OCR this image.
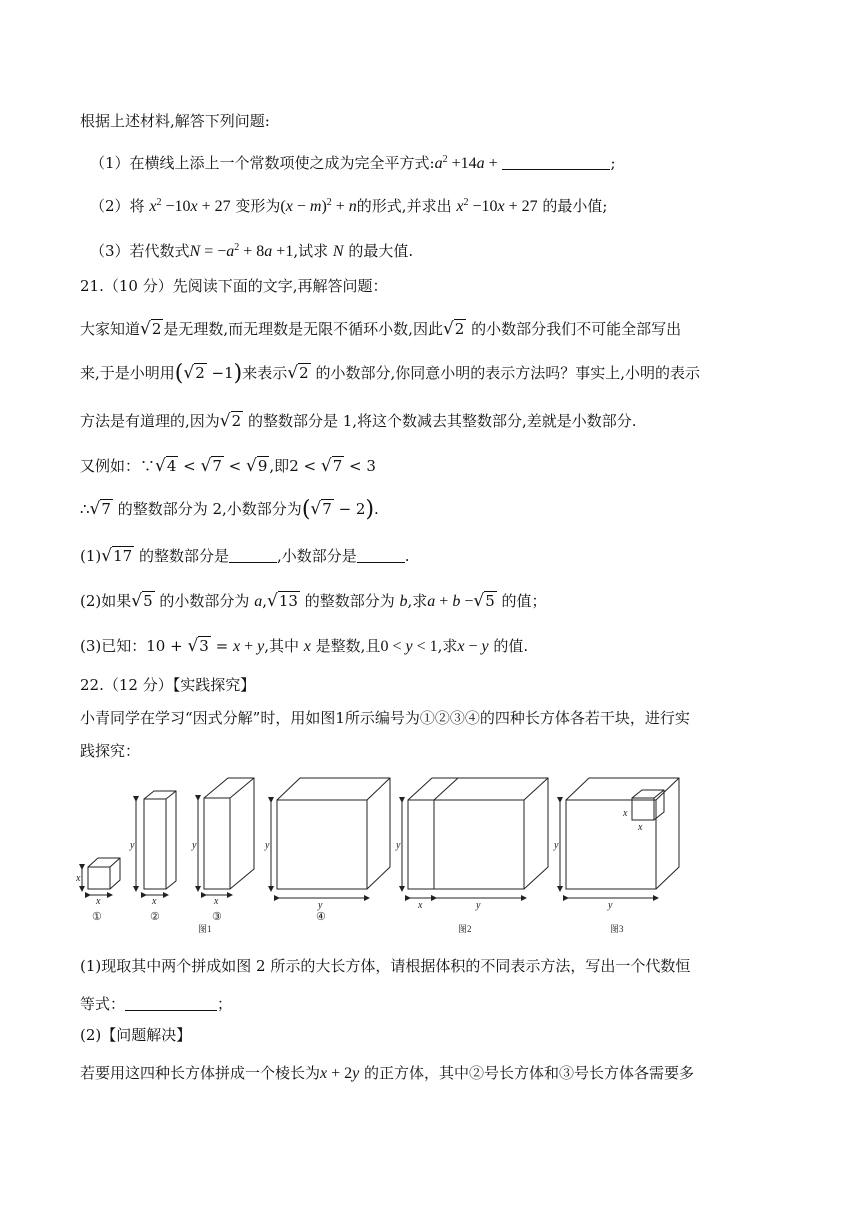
根据上述材料,解答下列问题:
（1）在横线上添上一个常数项使之成为完全平方式$:a^2 +14a$ +	;
（2）将 $x^2 -10x + 27$ 变形为$(x - m)^2 + n$的形式,并求出 $x^2 -10x + 27$ 的最小值;
（3）若代数式$N = -a^2 + 8a +1$,试求 N 的最大值.
21.（10 分）先阅读下面的文字,再解答问题：
大家知道√2 是无理数,而无理数是无限不循环小数,因此√2 的小数部分我们不可能全部写出
来,于是小明用(√2 −1)来表示√2 的小数部分,你同意小明的表示方法吗？事实上,小明的表示
方法是有道理的,因为√2 的整数部分是 1,将这个数减去其整数部分,差就是小数部分.
又例如：∵√4 < √7 < √9 ,即2 < √7 < 3
∴√7 的整数部分为 2,小数部分为(√7 − 2).
(1)√17 的整数部分是	,小数部分是	.
(2)如果√5 的小数部分为 a,√13 的整数部分为 b,求a + b −√5 的值；
(3)已知：10 + √3 = x + y,其中 x 是整数,且0 < y < 1,求x − y 的值.
22.（12 分）【实践探究】
小青同学在学习“因式分解”时，用如图1所示编号为①②③④的四种长方体各若干块，进行实
践探究：
x
x
y
x
y
x
y
y
y
x	y
y
y
x
x
①	②	③	④
图1	图2	图3
(1)现取其中两个拼成如图 2 所示的大长方体，请根据体积的不同表示方法，写出一个代数恒
等式：	；
(2)【问题解决】
若要用这四种长方体拼成一个棱长为x + 2y 的正方体，其中②号长方体和③号长方体各需要多
